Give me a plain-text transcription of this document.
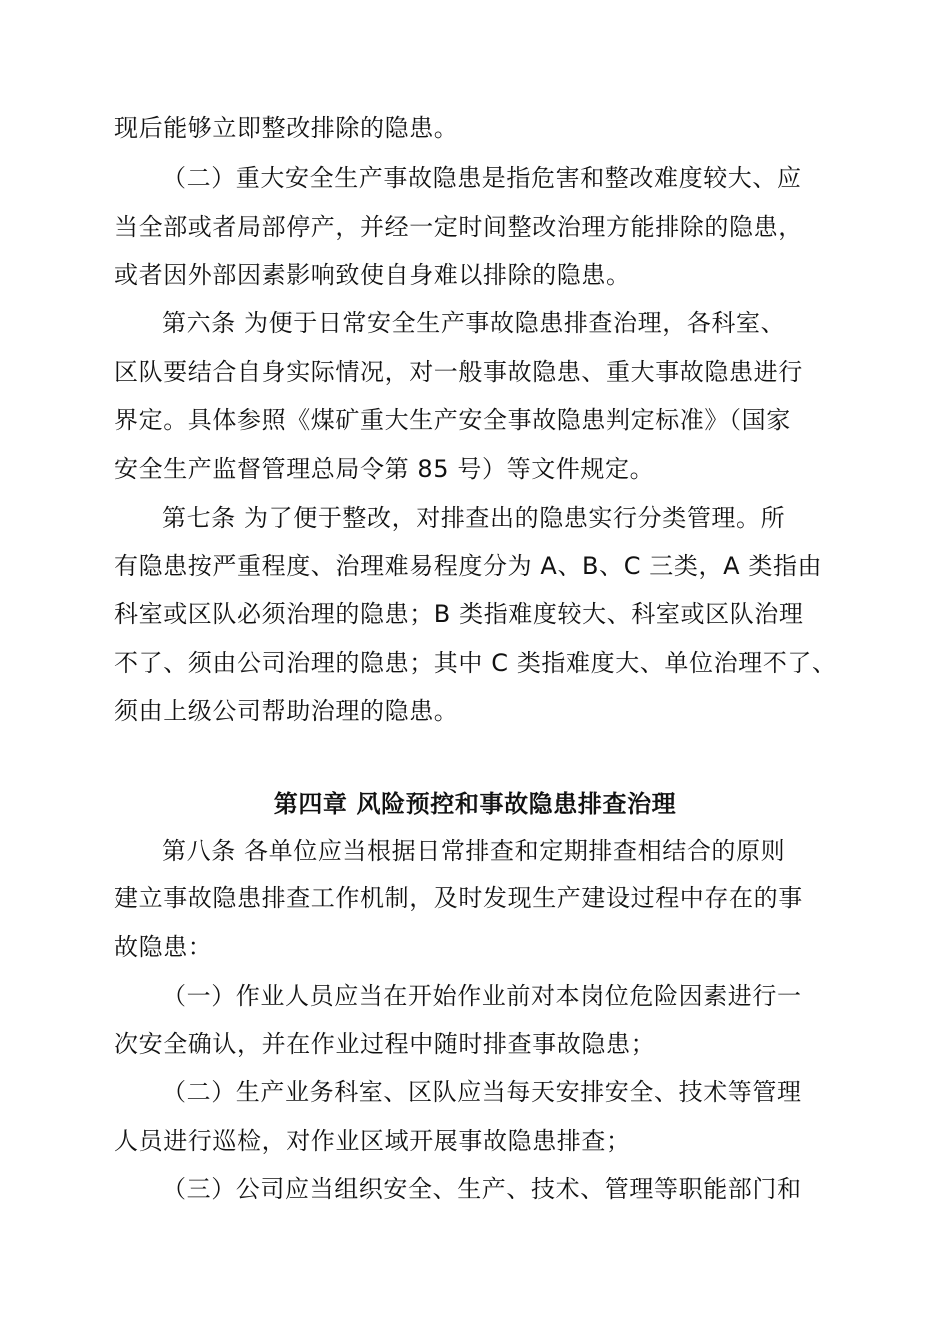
现后能够立即整改排除的隐患。
（二）重大安全生产事故隐患是指危害和整改难度较大、应
当全部或者局部停产，并经一定时间整改治理方能排除的隐患，
或者因外部因素影响致使自身难以排除的隐患。
第六条 为便于日常安全生产事故隐患排查治理，各科室、
区队要结合自身实际情况，对一般事故隐患、重大事故隐患进行
界定。具体参照《煤矿重大生产安全事故隐患判定标准》（国家
安全生产监督管理总局令第 85 号）等文件规定。
第七条 为了便于整改，对排查出的隐患实行分类管理。所
有隐患按严重程度、治理难易程度分为 A、B、C 三类，A 类指由
科室或区队必须治理的隐患；B 类指难度较大、科室或区队治理
不了、须由公司治理的隐患；其中 C 类指难度大、单位治理不了、
须由上级公司帮助治理的隐患。
第四章 风险预控和事故隐患排查治理
第八条 各单位应当根据日常排查和定期排查相结合的原则
建立事故隐患排查工作机制，及时发现生产建设过程中存在的事
故隐患：
（一）作业人员应当在开始作业前对本岗位危险因素进行一
次安全确认，并在作业过程中随时排查事故隐患；
（二）生产业务科室、区队应当每天安排安全、技术等管理
人员进行巡检，对作业区域开展事故隐患排查；
（三）公司应当组织安全、生产、技术、管理等职能部门和
